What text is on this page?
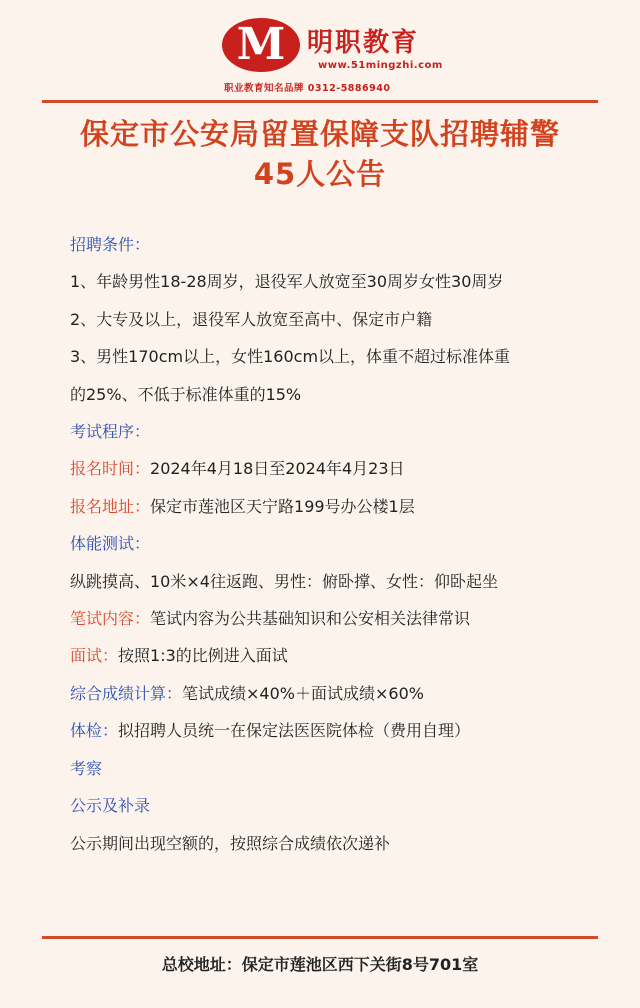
M 明职教育
www.51mingzhi.com
职业教育知名品牌 0312-5886940
保定市公安局留置保障支队招聘辅警
45人公告

招聘条件：

1、年龄男性18-28周岁，退役军人放宽至30周岁女性30周岁

2、大专及以上，退役军人放宽至高中、保定市户籍

3、男性170cm以上，女性160cm以上，体重不超过标准体重

的25%、不低于标准体重的15%

考试程序：

报名时间：2024年4月18日至2024年4月23日

报名地址：保定市莲池区天宁路199号办公楼1层

体能测试：

纵跳摸高、10米×4往返跑、男性：俯卧撑、女性：仰卧起坐

笔试内容：笔试内容为公共基础知识和公安相关法律常识

面试：按照1:3的比例进入面试

综合成绩计算：笔试成绩×40%＋面试成绩×60%

体检：拟招聘人员统一在保定法医医院体检（费用自理）

考察

公示及补录

公示期间出现空额的，按照综合成绩依次递补

总校地址：保定市莲池区西下关街8号701室
